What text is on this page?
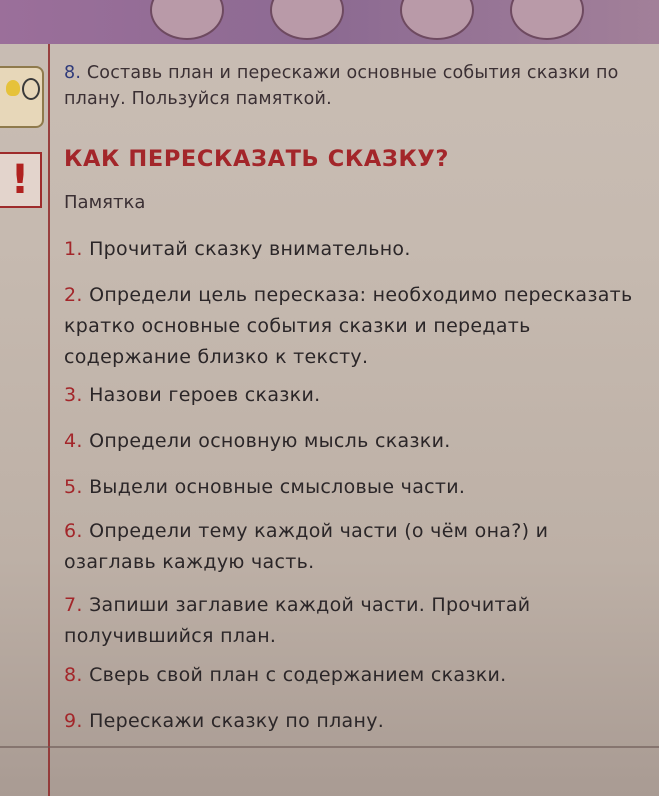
8. Составь план и перескажи основные события сказки по плану. Пользуйся памяткой.
!	КАК ПЕРЕСКАЗАТЬ СКАЗКУ?
Памятка
1. Прочитай сказку внимательно.
2. Определи цель пересказа: необходимо пересказать кратко основные события сказки и передать содержание близко к тексту.
3. Назови героев сказки.
4. Определи основную мысль сказки.
5. Выдели основные смысловые части.
6. Определи тему каждой части (о чём она?) и озаглавь каждую часть.
7. Запиши заглавие каждой части. Прочитай получившийся план.
8. Сверь свой план с содержанием сказки.
9. Перескажи сказку по плану.
